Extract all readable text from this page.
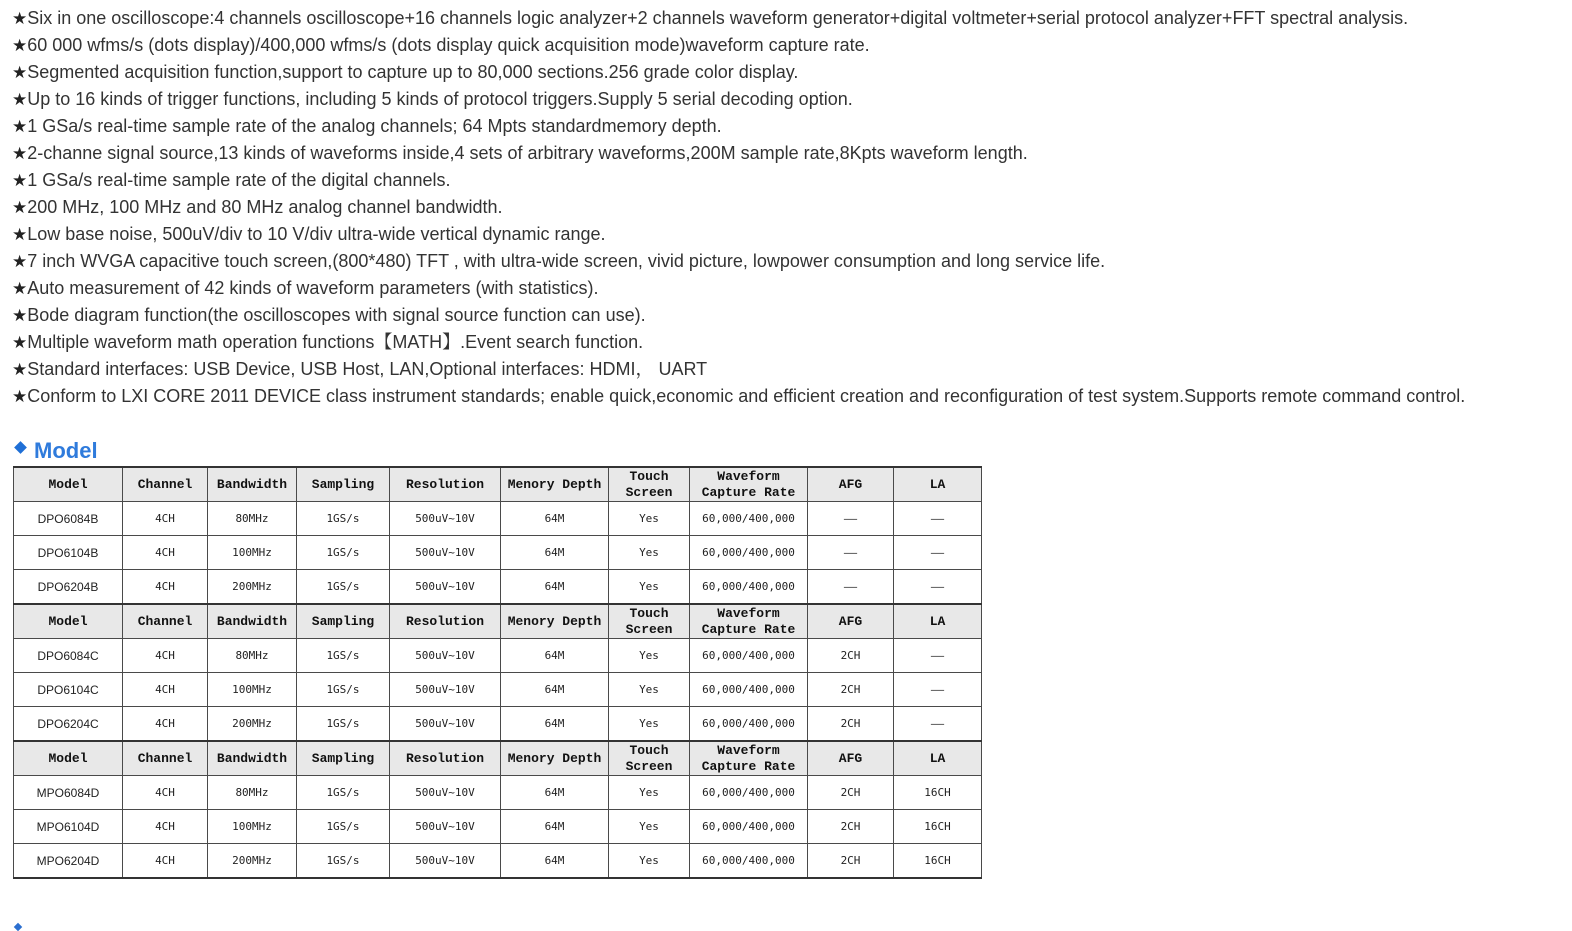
★Six in one oscilloscope:4 channels oscilloscope+16 channels logic analyzer+2 channels waveform generator+digital voltmeter+serial protocol analyzer+FFT spectral analysis.
★60 000 wfms/s (dots display)/400,000 wfms/s (dots display quick acquisition mode)waveform capture rate.
★Segmented acquisition function,support to capture up to 80,000 sections.256 grade color display.
★Up to 16 kinds of trigger functions, including 5 kinds of protocol triggers.Supply 5 serial decoding option.
★1 GSa/s real-time sample rate of the analog channels; 64 Mpts standardmemory depth.
★2-channe signal source,13 kinds of waveforms inside,4 sets of arbitrary waveforms,200M sample rate,8Kpts waveform length.
★1 GSa/s real-time sample rate of the digital channels.
★200 MHz, 100 MHz and 80 MHz analog channel bandwidth.
★Low base noise, 500uV/div to 10 V/div ultra-wide vertical dynamic range.
★7 inch WVGA capacitive touch screen,(800*480) TFT , with ultra-wide screen, vivid picture, lowpower consumption and long service life.
★Auto measurement of 42 kinds of waveform parameters (with statistics).
★Bode diagram function(the oscilloscopes with signal source function can use).
★Multiple waveform math operation functions【MATH】.Event search function.
★Standard interfaces: USB Device, USB Host, LAN,Optional interfaces: HDMI， UART
★Conform to LXI CORE 2011 DEVICE class instrument standards; enable quick,economic and efficient creation and reconfiguration of test system.Supports remote command control.
Model
Model	Channel	Bandwidth	Sampling	Resolution	Menory Depth	Touch Screen	Waveform Capture Rate	AFG	LA
DPO6084B	4CH	80MHz	1GS/s	500uV~10V	64M	Yes	60,000/400,000	——	——
DPO6104B	4CH	100MHz	1GS/s	500uV~10V	64M	Yes	60,000/400,000	——	——
DPO6204B	4CH	200MHz	1GS/s	500uV~10V	64M	Yes	60,000/400,000	——	——
Model	Channel	Bandwidth	Sampling	Resolution	Menory Depth	Touch Screen	Waveform Capture Rate	AFG	LA
DPO6084C	4CH	80MHz	1GS/s	500uV~10V	64M	Yes	60,000/400,000	2CH	——
DPO6104C	4CH	100MHz	1GS/s	500uV~10V	64M	Yes	60,000/400,000	2CH	——
DPO6204C	4CH	200MHz	1GS/s	500uV~10V	64M	Yes	60,000/400,000	2CH	——
Model	Channel	Bandwidth	Sampling	Resolution	Menory Depth	Touch Screen	Waveform Capture Rate	AFG	LA
MPO6084D	4CH	80MHz	1GS/s	500uV~10V	64M	Yes	60,000/400,000	2CH	16CH
MPO6104D	4CH	100MHz	1GS/s	500uV~10V	64M	Yes	60,000/400,000	2CH	16CH
MPO6204D	4CH	200MHz	1GS/s	500uV~10V	64M	Yes	60,000/400,000	2CH	16CH
